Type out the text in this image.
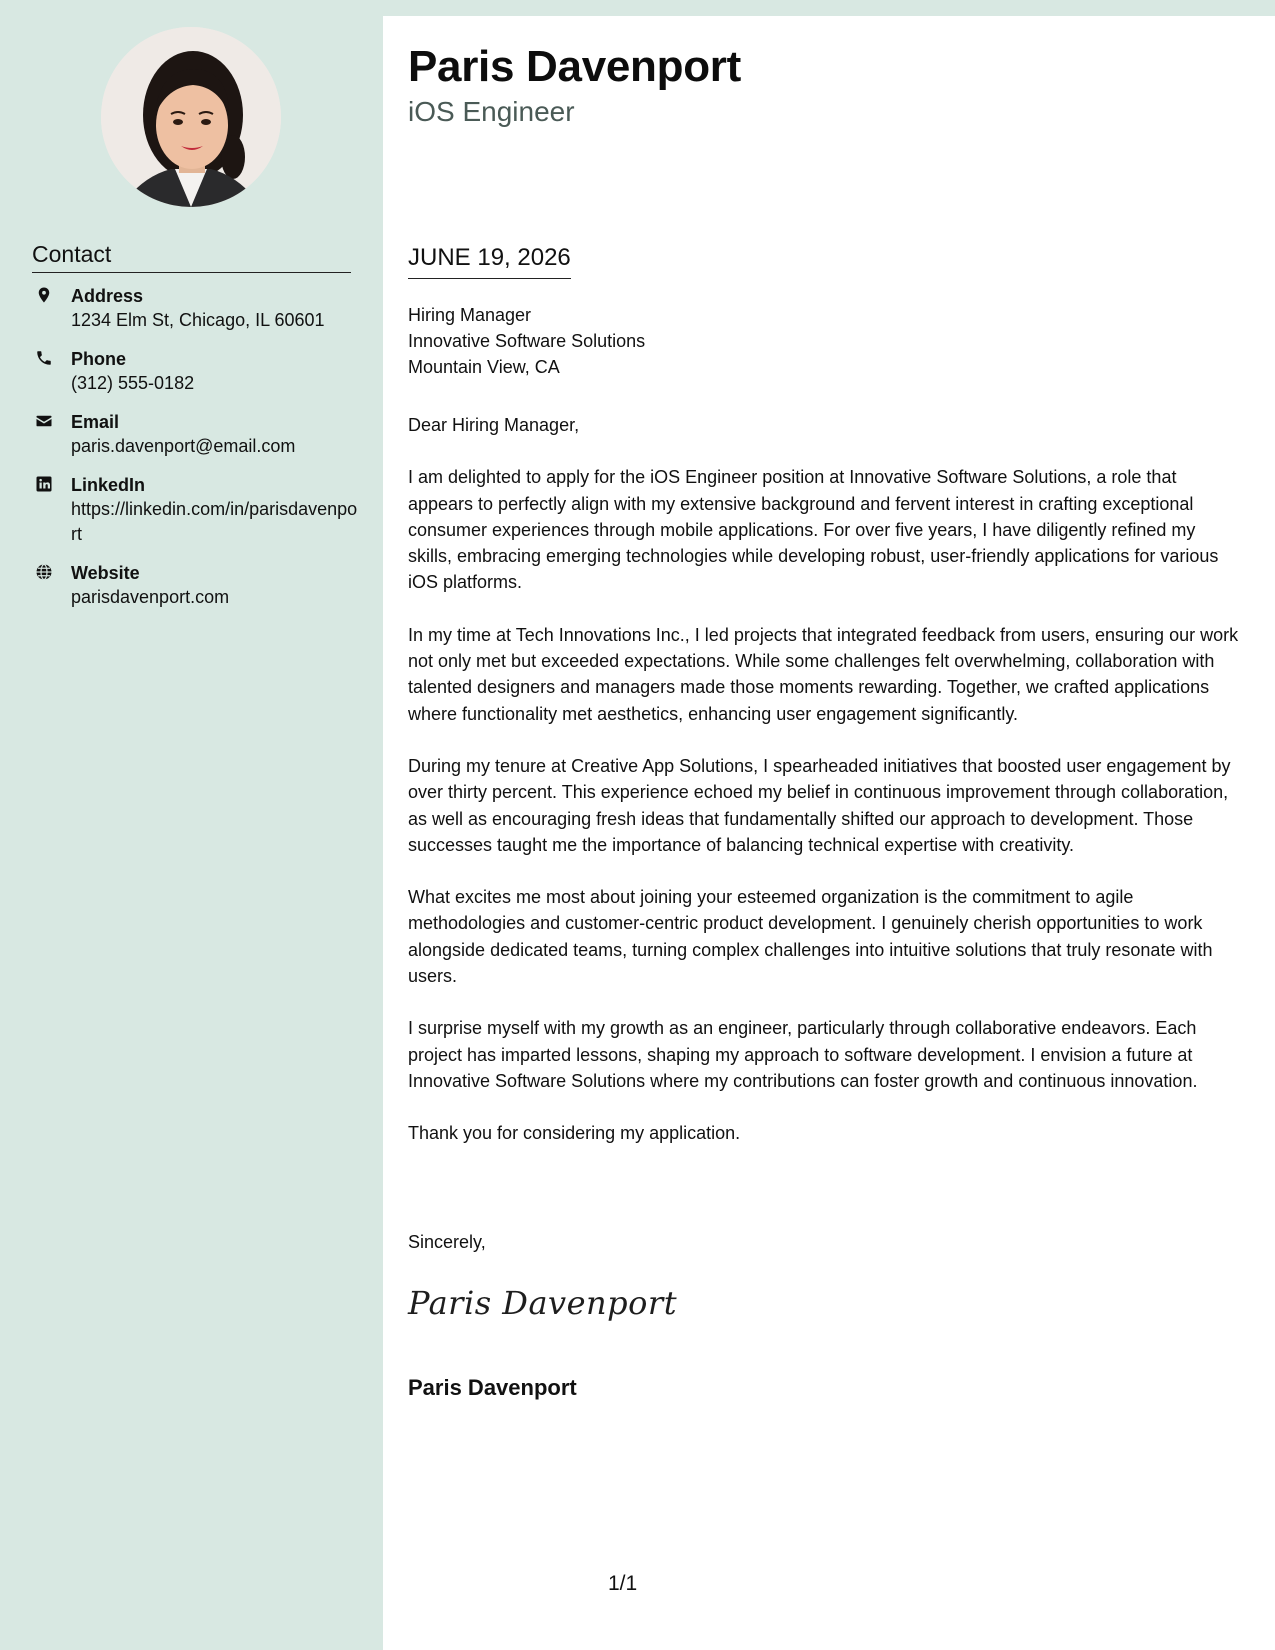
Contact
Address
1234 Elm St, Chicago, IL 60601
Phone
(312) 555-0182
Email
paris.davenport@email.com
LinkedIn
https://linkedin.com/in/parisdavenport
Website
parisdavenport.com
Paris Davenport
iOS Engineer
JUNE 19, 2026
Hiring Manager
Innovative Software Solutions
Mountain View, CA

Dear Hiring Manager,

I am delighted to apply for the iOS Engineer position at Innovative Software Solutions, a role that appears to perfectly align with my extensive background and fervent interest in crafting exceptional consumer experiences through mobile applications. For over five years, I have diligently refined my skills, embracing emerging technologies while developing robust, user-friendly applications for various iOS platforms.

In my time at Tech Innovations Inc., I led projects that integrated feedback from users, ensuring our work not only met but exceeded expectations. While some challenges felt overwhelming, collaboration with talented designers and managers made those moments rewarding. Together, we crafted applications where functionality met aesthetics, enhancing user engagement significantly.

During my tenure at Creative App Solutions, I spearheaded initiatives that boosted user engagement by over thirty percent. This experience echoed my belief in continuous improvement through collaboration, as well as encouraging fresh ideas that fundamentally shifted our approach to development. Those successes taught me the importance of balancing technical expertise with creativity.

What excites me most about joining your esteemed organization is the commitment to agile methodologies and customer-centric product development. I genuinely cherish opportunities to work alongside dedicated teams, turning complex challenges into intuitive solutions that truly resonate with users.

I surprise myself with my growth as an engineer, particularly through collaborative endeavors. Each project has imparted lessons, shaping my approach to software development. I envision a future at Innovative Software Solutions where my contributions can foster growth and continuous innovation.

Thank you for considering my application.

Sincerely,
Paris Davenport
Paris Davenport
1/1
